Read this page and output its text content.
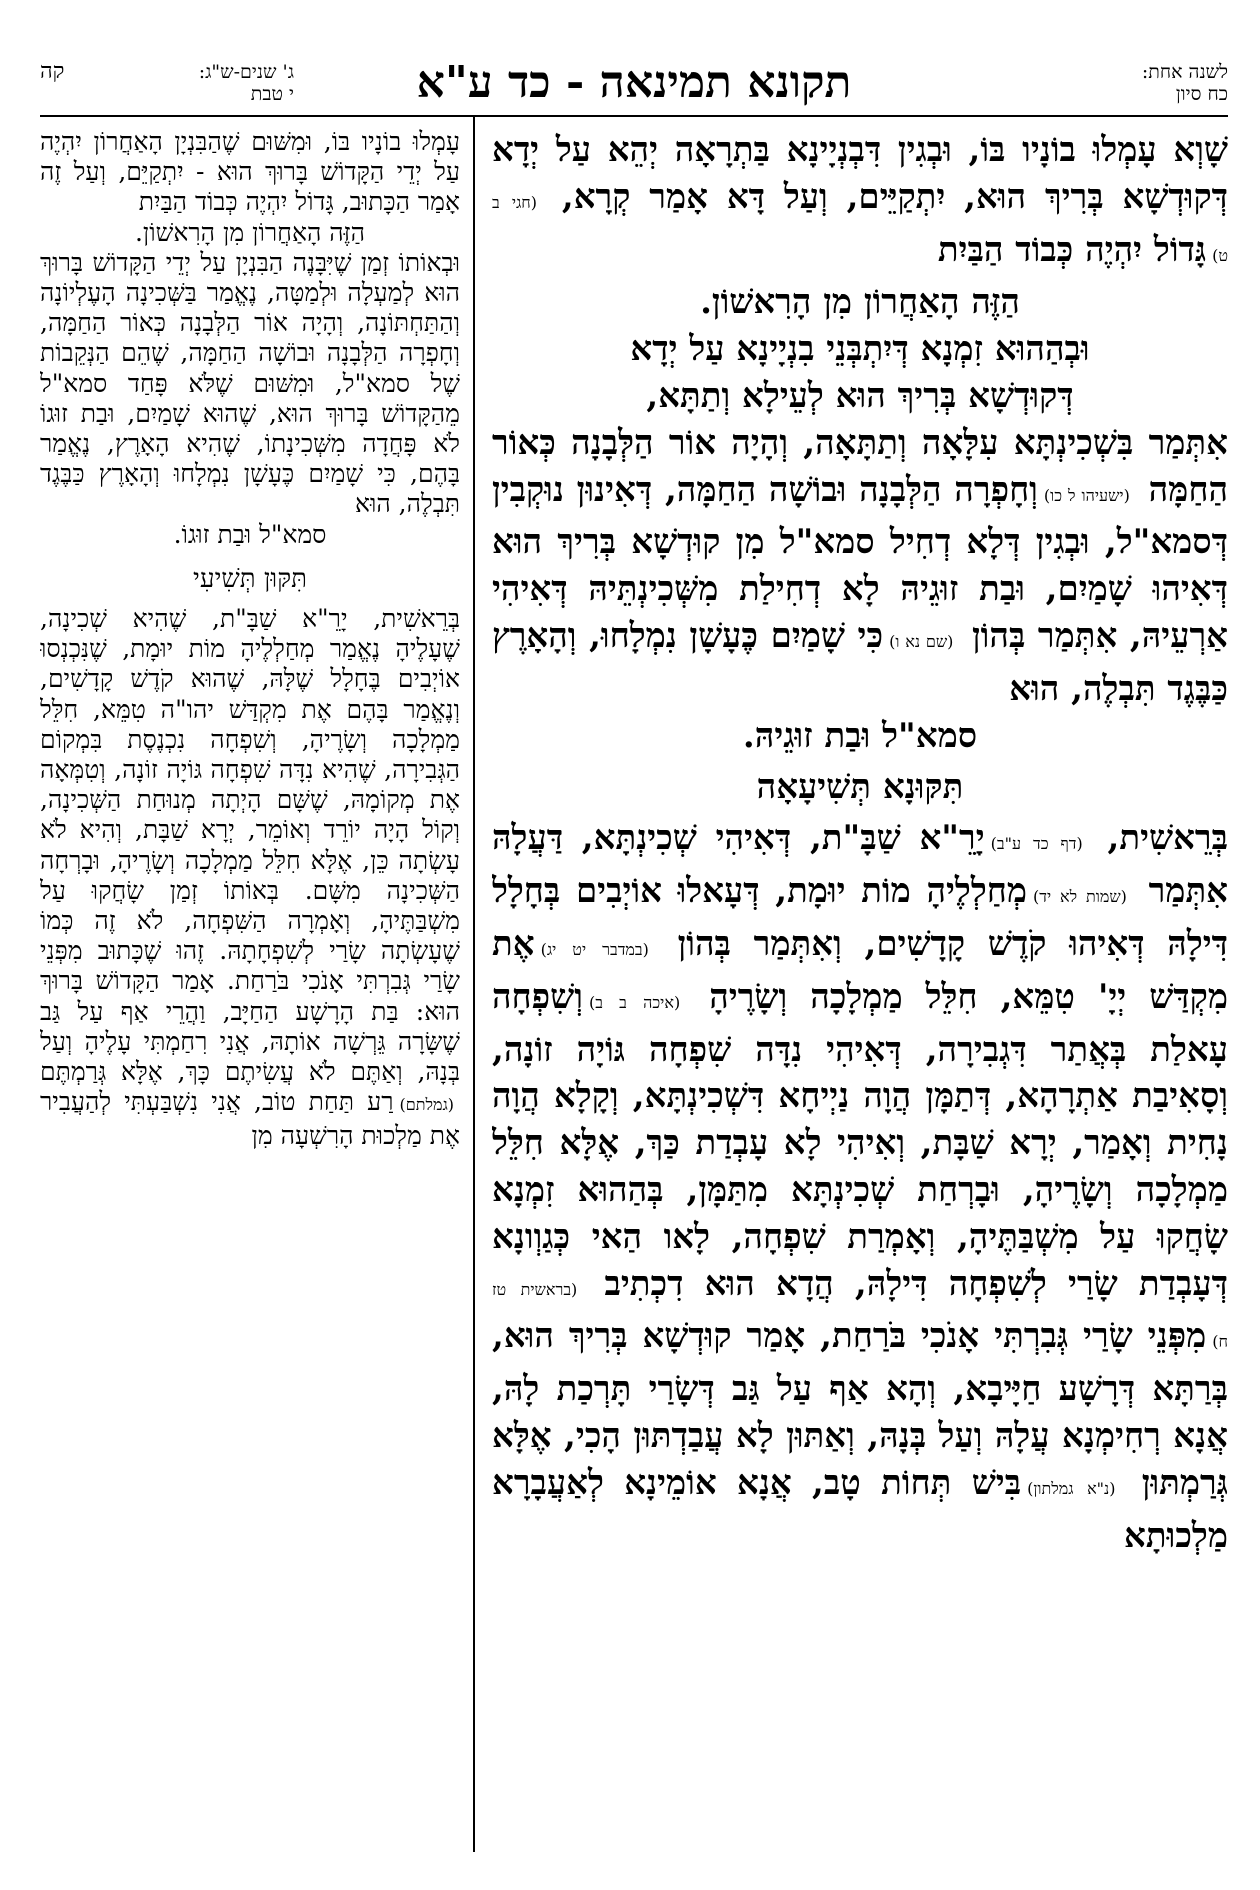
לשנה אחת:
כח סיון
תקונא תמינאה - כד ע"א
ג' שנים-ש"ג:
י טבת
קה

שָׁוְא עָמְלוּ בוֹנָיו בּוֹ, וּבְגִין דִּבְנְיָינָא בַּתְרָאָה יְהֵא עַל יְדָא דְּקוּדְשָׁא בְּרִיךְ הוּא, יִתְקַיֵּים, וְעַל דָּא אָמַר קְרָא, (חגי ב ט)גָּדוֹל יִהְיֶה כְּבוֹד הַבַּיִת

הַזֶּה הָאַחֲרוֹן מִן הָרִאשׁוֹן.

וּבְהַהוּא זִמְנָא דְּיִתְבְּנֵי בִנְיָינָא עַל יְדָא

דְּקוּדְשָׁא בְּרִיךְ הוּא לְעֵילָא וְתַתָּא,

אִתְּמַר בִּשְׁכִינְתָּא עִלָּאָה וְתַתָּאָה, וְהָיָה אוֹר הַלְּבָנָה כְּאוֹר הַחַמָּה (ישעיהו ל כו)וְחָפְרָה הַלְּבָנָה וּבוֹשָׁה הַחַמָּה, דְּאִינוּן נוּקְבִין דְּסמא"ל, וּבְגִין דְּלָא דְחִיל סמא"ל מִן קוּדְשָׁא בְּרִיךְ הוּא דְּאִיהוּ שָׁמַיִם, וּבַת זוּגֵיהּ לָא דְחִילַת מִשְּׁכִינְתֵּיהּ דְּאִיהִי אַרְעֵיהּ, אִתְּמַר בְּהוֹן (שם נא ו)כִּי שָׁמַיִם כֶּעָשָׁן נִמְלָחוּ, וְהָאָרֶץ כַּבֶּגֶד תִּבְלֶה, הוּא

סמא"ל וּבַת זוּגֵיהּ.

תִּקּוּנָא תְּשִׁיעָאָה

בְּרֵאשִׁית, (דף כד ע"ב)יָרֵ"א שַׁבָּ"ת, דְּאִיהִי שְׁכִינְתָּא, דַּעֲלָהּ אִתְּמַר (שמות לא יד)מְחַלְלֶיהָ מוֹת יוּמָת, דְּעָאלוּ אוֹיְבִים בְּחָלָל דִּילָהּ דְּאִיהוּ קֹדֶשׁ קָדָשִׁים, וְאִתְּמַר בְּהוֹן (במדבר יט יג)אֶת מִקְדַּשׁ יְיָ' טִמֵּא, חִלֵּל מַמְלָכָה וְשָׂרֶיהָ (איכה ב ב)וְשִׁפְחָה עָאלַת בְּאֲתַר דִּגְבִירָה, דְּאִיהִי נִדָּה שִׁפְחָה גּוֹיָה זוֹנָה, וְסָאִיבַת אַתְרָהָא, דְּתַמָּן הֲוָה נַיְיחָא דִּשְׁכִינְתָּא, וְקָלָא הֲוָה נָחִית וְאָמַר, יְרָא שַׁבָּת, וְאִיהִי לָא עָבְדַת כַּךְ, אֶלָּא חִלֵּל מַמְלָכָה וְשָׂרֶיהָ, וּבָרְחַת שְׁכִינְתָּא מִתַּמָּן, בְּהַהוּא זִמְנָא שָׂחֲקוּ עַל מִשְׁבַּתֶּיהָ, וְאָמְרַת שִׁפְחָה, לָאו הַאי כְּגַוְונָא דְּעָבְדַת שָׂרַי לְשִׁפְחָה דִּילָהּ, הֲדָא הוּא דִכְתִיב (בראשית טז ח)מִפְּנֵי שָׂרַי גְּבִרְתִּי אָנֹכִי בֹּרַחַת, אָמַר קוּדְשָׁא בְּרִיךְ הוּא, בְּרַתָּא דְּרָשָׁע חַיָּיבָא, וְהָא אַף עַל גַּב דְּשָׂרַי תָּרְכַת לָהּ, אֲנָא רְחִימְנָא עֲלָהּ וְעַל בְּנָהּ, וְאַתּוּן לָא עֲבַדְתּוּן הָכִי, אֶלָּא גְּרַמְתּוּן (נ"א גמלתון)בִּישׁ תְּחוֹת טָב, אֲנָא אוֹמֵינָא לְאַעֲבָרָא מַלְכוּתָא

עָמְלוּ בוֹנָיו בּוֹ, וּמִשּׁוּם שֶׁהַבִּנְיָן הָאַחֲרוֹן יִהְיֶה עַל יְדֵי הַקָּדוֹשׁ בָּרוּךְ הוּא - יִתְקַיֵּם, וְעַל זֶה אָמַר הַכָּתוּב, גָּדוֹל יִהְיֶה כְּבוֹד הַבַּיִת

הַזֶּה הָאַחֲרוֹן מִן הָרִאשׁוֹן.

וּבְאוֹתוֹ זְמַן שֶׁיִּבָּנֶה הַבִּנְיָן עַל יְדֵי הַקָּדוֹשׁ בָּרוּךְ הוּא לְמַעְלָה וּלְמַטָּה, נֶאֱמַר בַּשְּׁכִינָה הָעֶלְיוֹנָה וְהַתַּחְתּוֹנָה, וְהָיָה אוֹר הַלְּבָנָה כְּאוֹר הַחַמָּה, וְחָפְרָה הַלְּבָנָה וּבוֹשָׁה הַחַמָּה, שֶׁהֵם הַנְּקֵבוֹת שֶׁל סמא"ל, וּמִשּׁוּם שֶׁלֹּא פָּחַד סמא"ל מֵהַקָּדוֹשׁ בָּרוּךְ הוּא, שֶׁהוּא שָׁמַיִם, וּבַת זוּגוֹ לֹא פָּחֲדָה מִשְּׁכִינָתוֹ, שֶׁהִיא הָאָרֶץ, נֶאֱמַר בָּהֶם, כִּי שָׁמַיִם כֶּעָשָׁן נִמְלָחוּ וְהָאָרֶץ כַּבֶּגֶד תִּבְלֶה, הוּא

סמא"ל וּבַת זוּגוֹ.

תִּקּוּן תְּשִׁיעִי

בְּרֵאשִׁית, יָרֵ"א שַׁבָּ"ת, שֶׁהִיא שְׁכִינָה, שֶׁעָלֶיהָ נֶאֱמַר מְחַלְלֶיהָ מוֹת יוּמָת, שֶׁנִּכְנְסוּ אוֹיְבִים בֶּחָלָל שֶׁלָּהּ, שֶׁהוּא קֹדֶשׁ קָדָשִׁים, וְנֶאֱמַר בָּהֶם אֶת מִקְדַּשׁ יהו"ה טִמֵּא, חִלֵּל מַמְלָכָה וְשָׂרֶיהָ, וְשִׁפְחָה נִכְנֶסֶת בִּמְקוֹם הַגְּבִירָה, שֶׁהִיא נִדָּה שִׁפְחָה גּוֹיָה זוֹנָה, וְטִמְּאָה אֶת מְקוֹמָהּ, שֶׁשָּׁם הָיְתָה מְנוּחַת הַשְּׁכִינָה, וְקוֹל הָיָה יוֹרֵד וְאוֹמֵר, יְרָא שַׁבָּת, וְהִיא לֹא עָשְׂתָה כֵּן, אֶלָּא חִלֵּל מַמְלָכָה וְשָׂרֶיהָ, וּבָרְחָה הַשְּׁכִינָה מִשָּׁם. בְּאוֹתוֹ זְמַן שָׂחֲקוּ עַל מִשְׁבַּתֶּיהָ, וְאָמְרָה הַשִּׁפְחָה, לֹא זֶה כְּמוֹ שֶׁעָשְׂתָה שָׂרַי לְשִׁפְחָתָהּ. זֶהוּ שֶׁכָּתוּב מִפְּנֵי שָׂרַי גְּבִרְתִּי אָנֹכִי בֹּרַחַת. אָמַר הַקָּדוֹשׁ בָּרוּךְ הוּא: בַּת הָרָשָׁע הַחַיָּב, וַהֲרֵי אַף עַל גַּב שֶׁשָּׂרָה גֵּרְשָׁה אוֹתָהּ, אֲנִי רִחַמְתִּי עָלֶיהָ וְעַל בְּנָהּ, וְאַתֶּם לֹא עֲשִׂיתֶם כָּךְ, אֶלָּא גְּרַמְתֶּם (גמלתם)רַע תַּחַת טוֹב, אֲנִי נִשְׁבַּעְתִּי לְהַעֲבִיר אֶת מַלְכוּת הָרִשְׁעָה מִן
